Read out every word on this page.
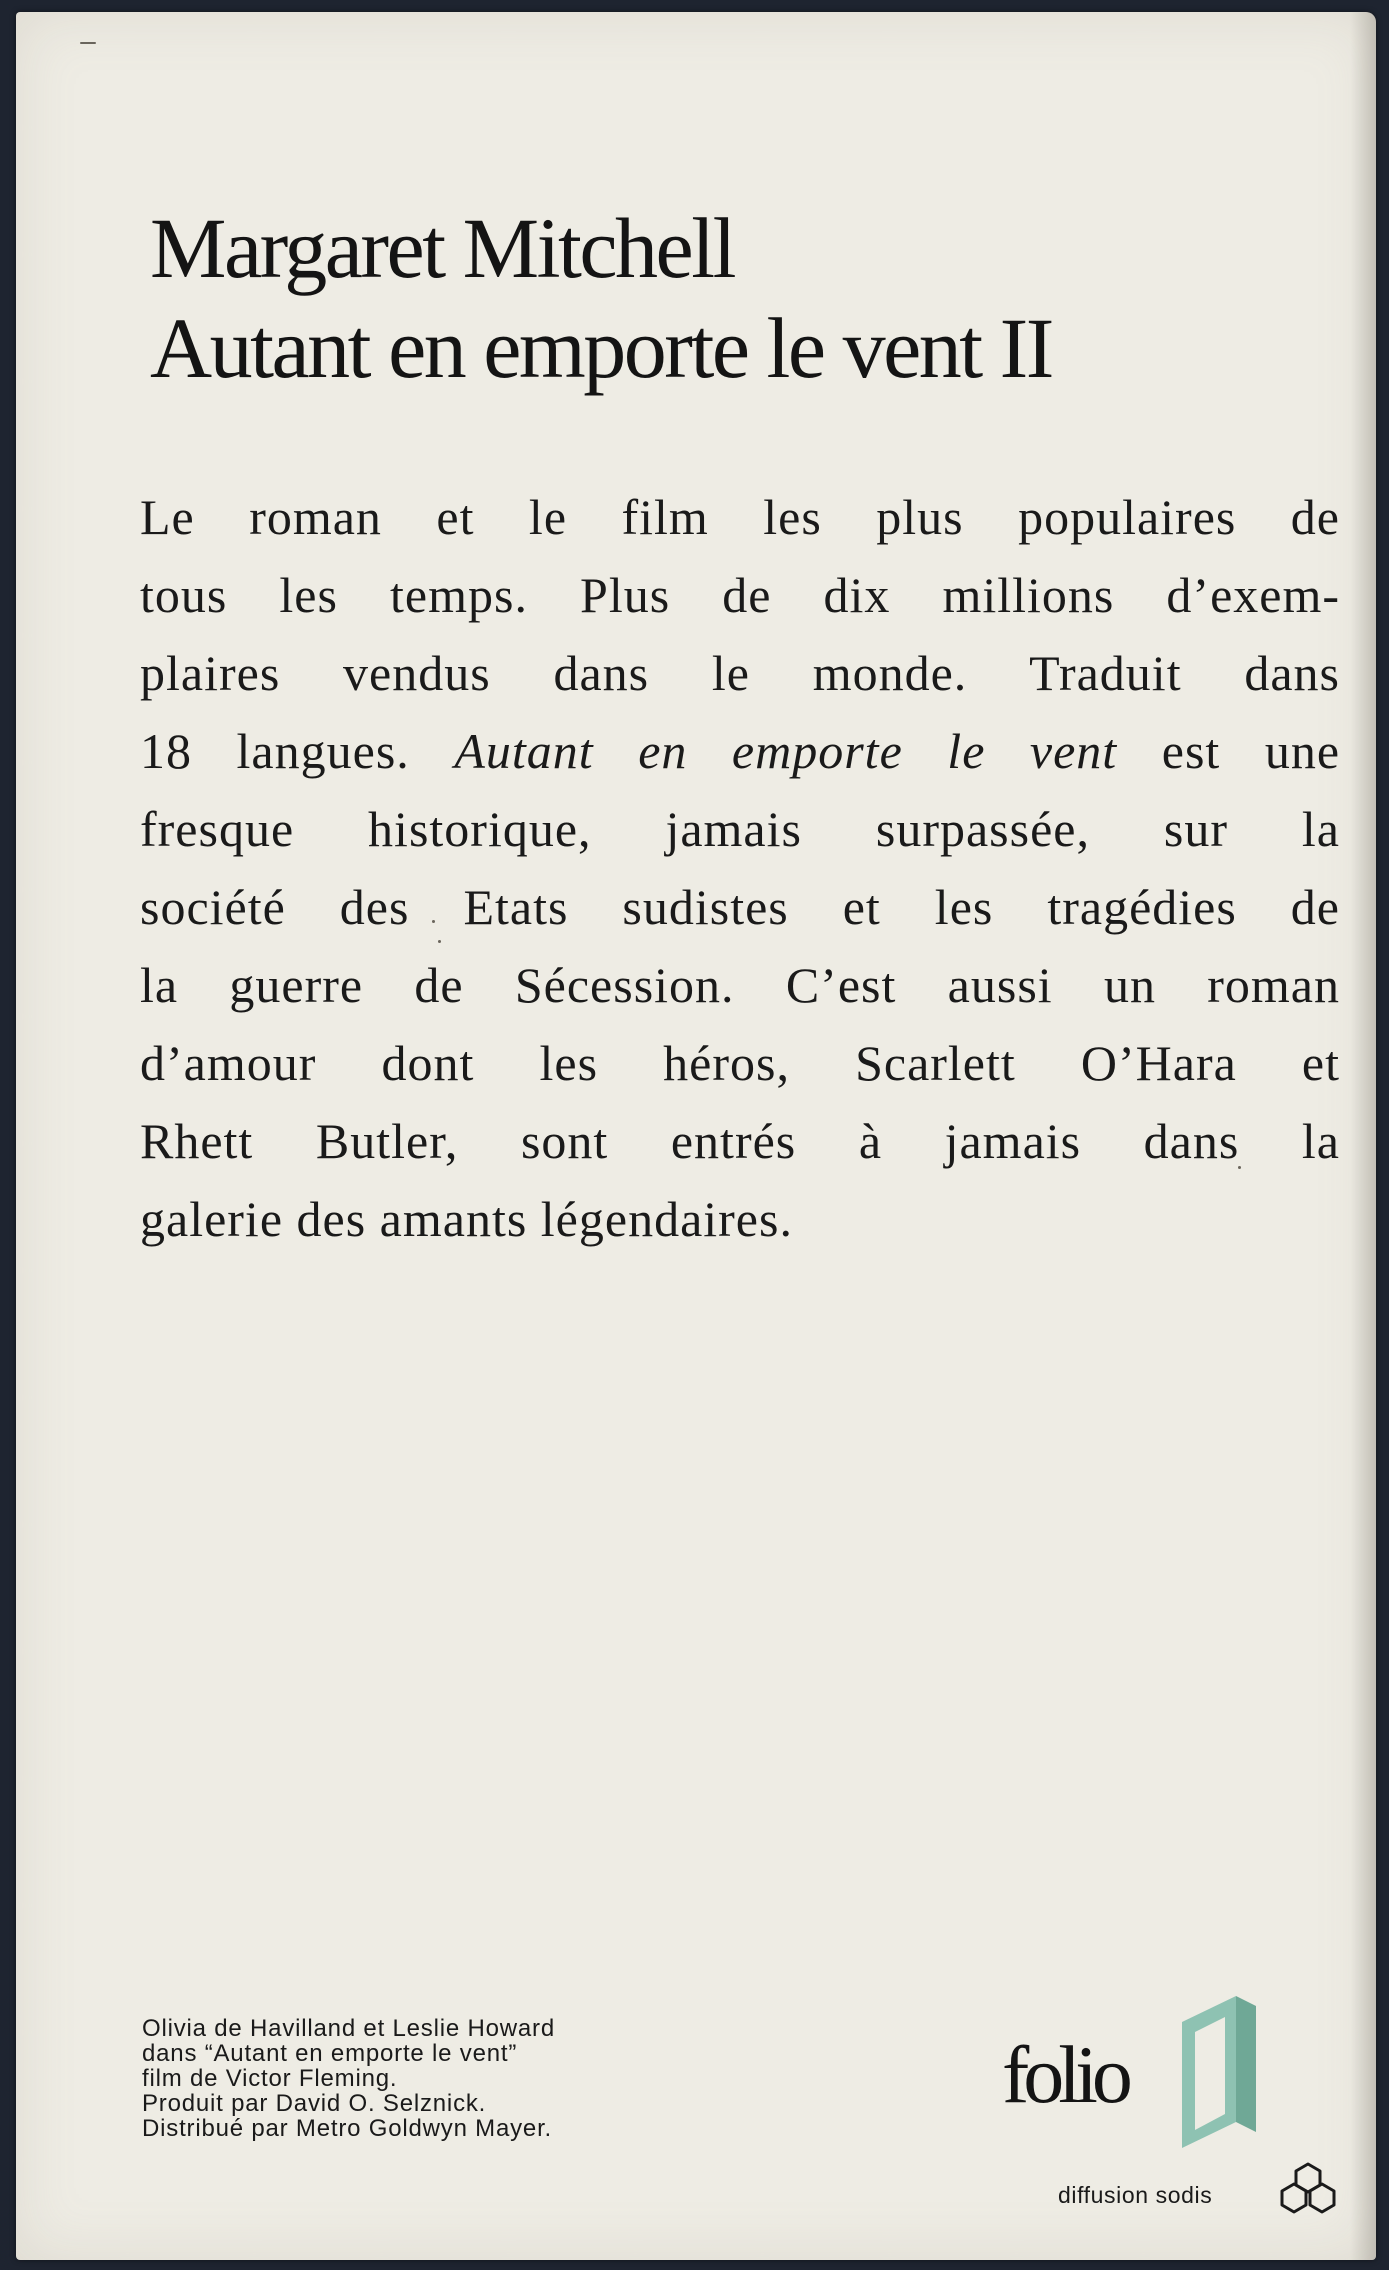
Margaret Mitchell
Autant en emporte le vent II

Le roman et le film les plus populaires de
tous les temps. Plus de dix millions d’exem-
plaires vendus dans le monde. Traduit dans
18 langues. Autant en emporte le vent est une
fresque historique, jamais surpassée, sur la
société des Etats sudistes et les tragédies de
la guerre de Sécession. C’est aussi un roman
d’amour dont les héros, Scarlett O’Hara et
Rhett Butler, sont entrés à jamais dans la
galerie des amants légendaires.

Olivia de Havilland et Leslie Howard
dans “Autant en emporte le vent”
film de Victor Fleming.
Produit par David O. Selznick.
Distribué par Metro Goldwyn Mayer.

folio
diffusion sodis
